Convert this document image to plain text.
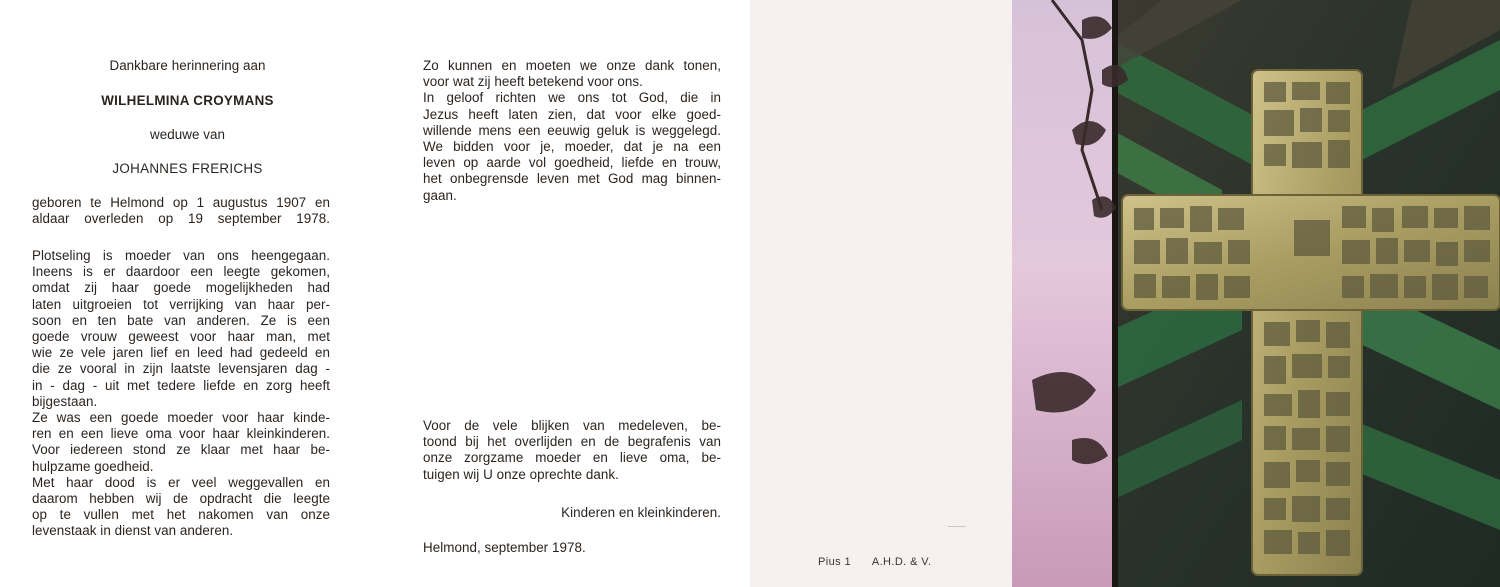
Dankbare herinnering aan
WILHELMINA CROYMANS
weduwe van
JOHANNES FRERICHS
geboren te Helmond op 1 augustus 1907 en
aldaar overleden op 19 september 1978.
Plotseling is moeder van ons heengegaan.
Ineens is er daardoor een leegte gekomen,
omdat zij haar goede mogelijkheden had
laten uitgroeien tot verrijking van haar per-
soon en ten bate van anderen. Ze is een
goede vrouw geweest voor haar man, met
wie ze vele jaren lief en leed had gedeeld en
die ze vooral in zijn laatste levensjaren dag -
in - dag - uit met tedere liefde en zorg heeft
bijgestaan.
Ze was een goede moeder voor haar kinde-
ren en een lieve oma voor haar kleinkinderen.
Voor iedereen stond ze klaar met haar be-
hulpzame goedheid.
Met haar dood is er veel weggevallen en
daarom hebben wij de opdracht die leegte
op te vullen met het nakomen van onze
levenstaak in dienst van anderen.
Zo kunnen en moeten we onze dank tonen,
voor wat zij heeft betekend voor ons.
In geloof richten we ons tot God, die in
Jezus heeft laten zien, dat voor elke goed-
willende mens een eeuwig geluk is weggelegd.
We bidden voor je, moeder, dat je na een
leven op aarde vol goedheid, liefde en trouw,
het onbegrensde leven met God mag binnen-
gaan.
Voor de vele blijken van medeleven, be-
toond bij het overlijden en de begrafenis van
onze zorgzame moeder en lieve oma, be-
tuigen wij U onze oprechte dank.
Kinderen en kleinkinderen.
Helmond, september 1978.
Pius 1 A.H.D. & V.
